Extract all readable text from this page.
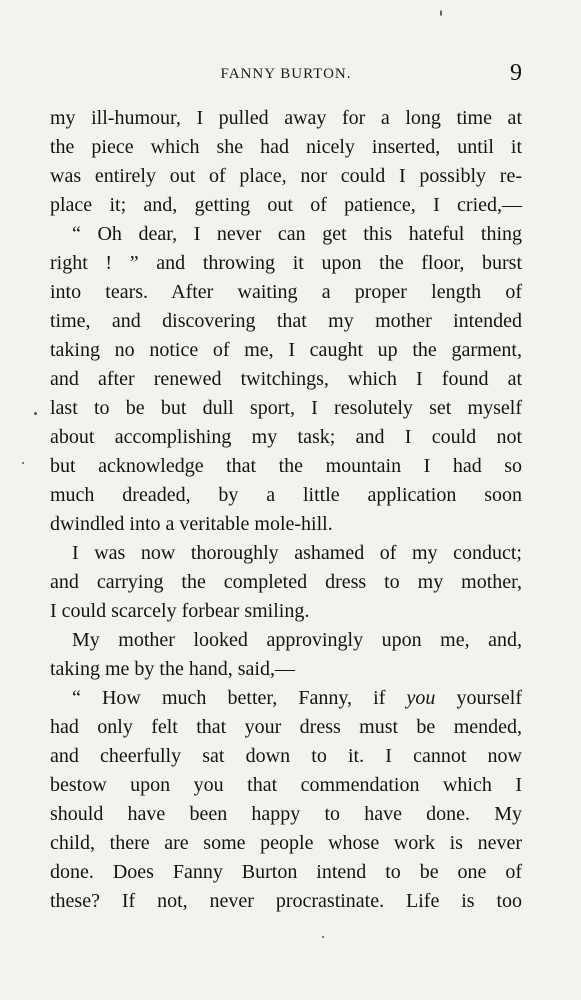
FANNY BURTON.	9
my ill-humour, I pulled away for a long time at
the piece which she had nicely inserted, until it
was entirely out of place, nor could I possibly re-
place it; and, getting out of patience, I cried,—
“ Oh dear, I never can get this hateful thing
right ! ” and throwing it upon the floor, burst
into tears. After waiting a proper length of
time, and discovering that my mother intended
taking no notice of me, I caught up the garment,
and after renewed twitchings, which I found at
last to be but dull sport, I resolutely set myself
about accomplishing my task; and I could not
but acknowledge that the mountain I had so
much dreaded, by a little application soon
dwindled into a veritable mole-hill.
I was now thoroughly ashamed of my conduct;
and carrying the completed dress to my mother,
I could scarcely forbear smiling.
My mother looked approvingly upon me, and,
taking me by the hand, said,—
“ How much better, Fanny, if you yourself
had only felt that your dress must be mended,
and cheerfully sat down to it. I cannot now
bestow upon you that commendation which I
should have been happy to have done. My
child, there are some people whose work is never
done. Does Fanny Burton intend to be one of
these? If not, never procrastinate. Life is too
